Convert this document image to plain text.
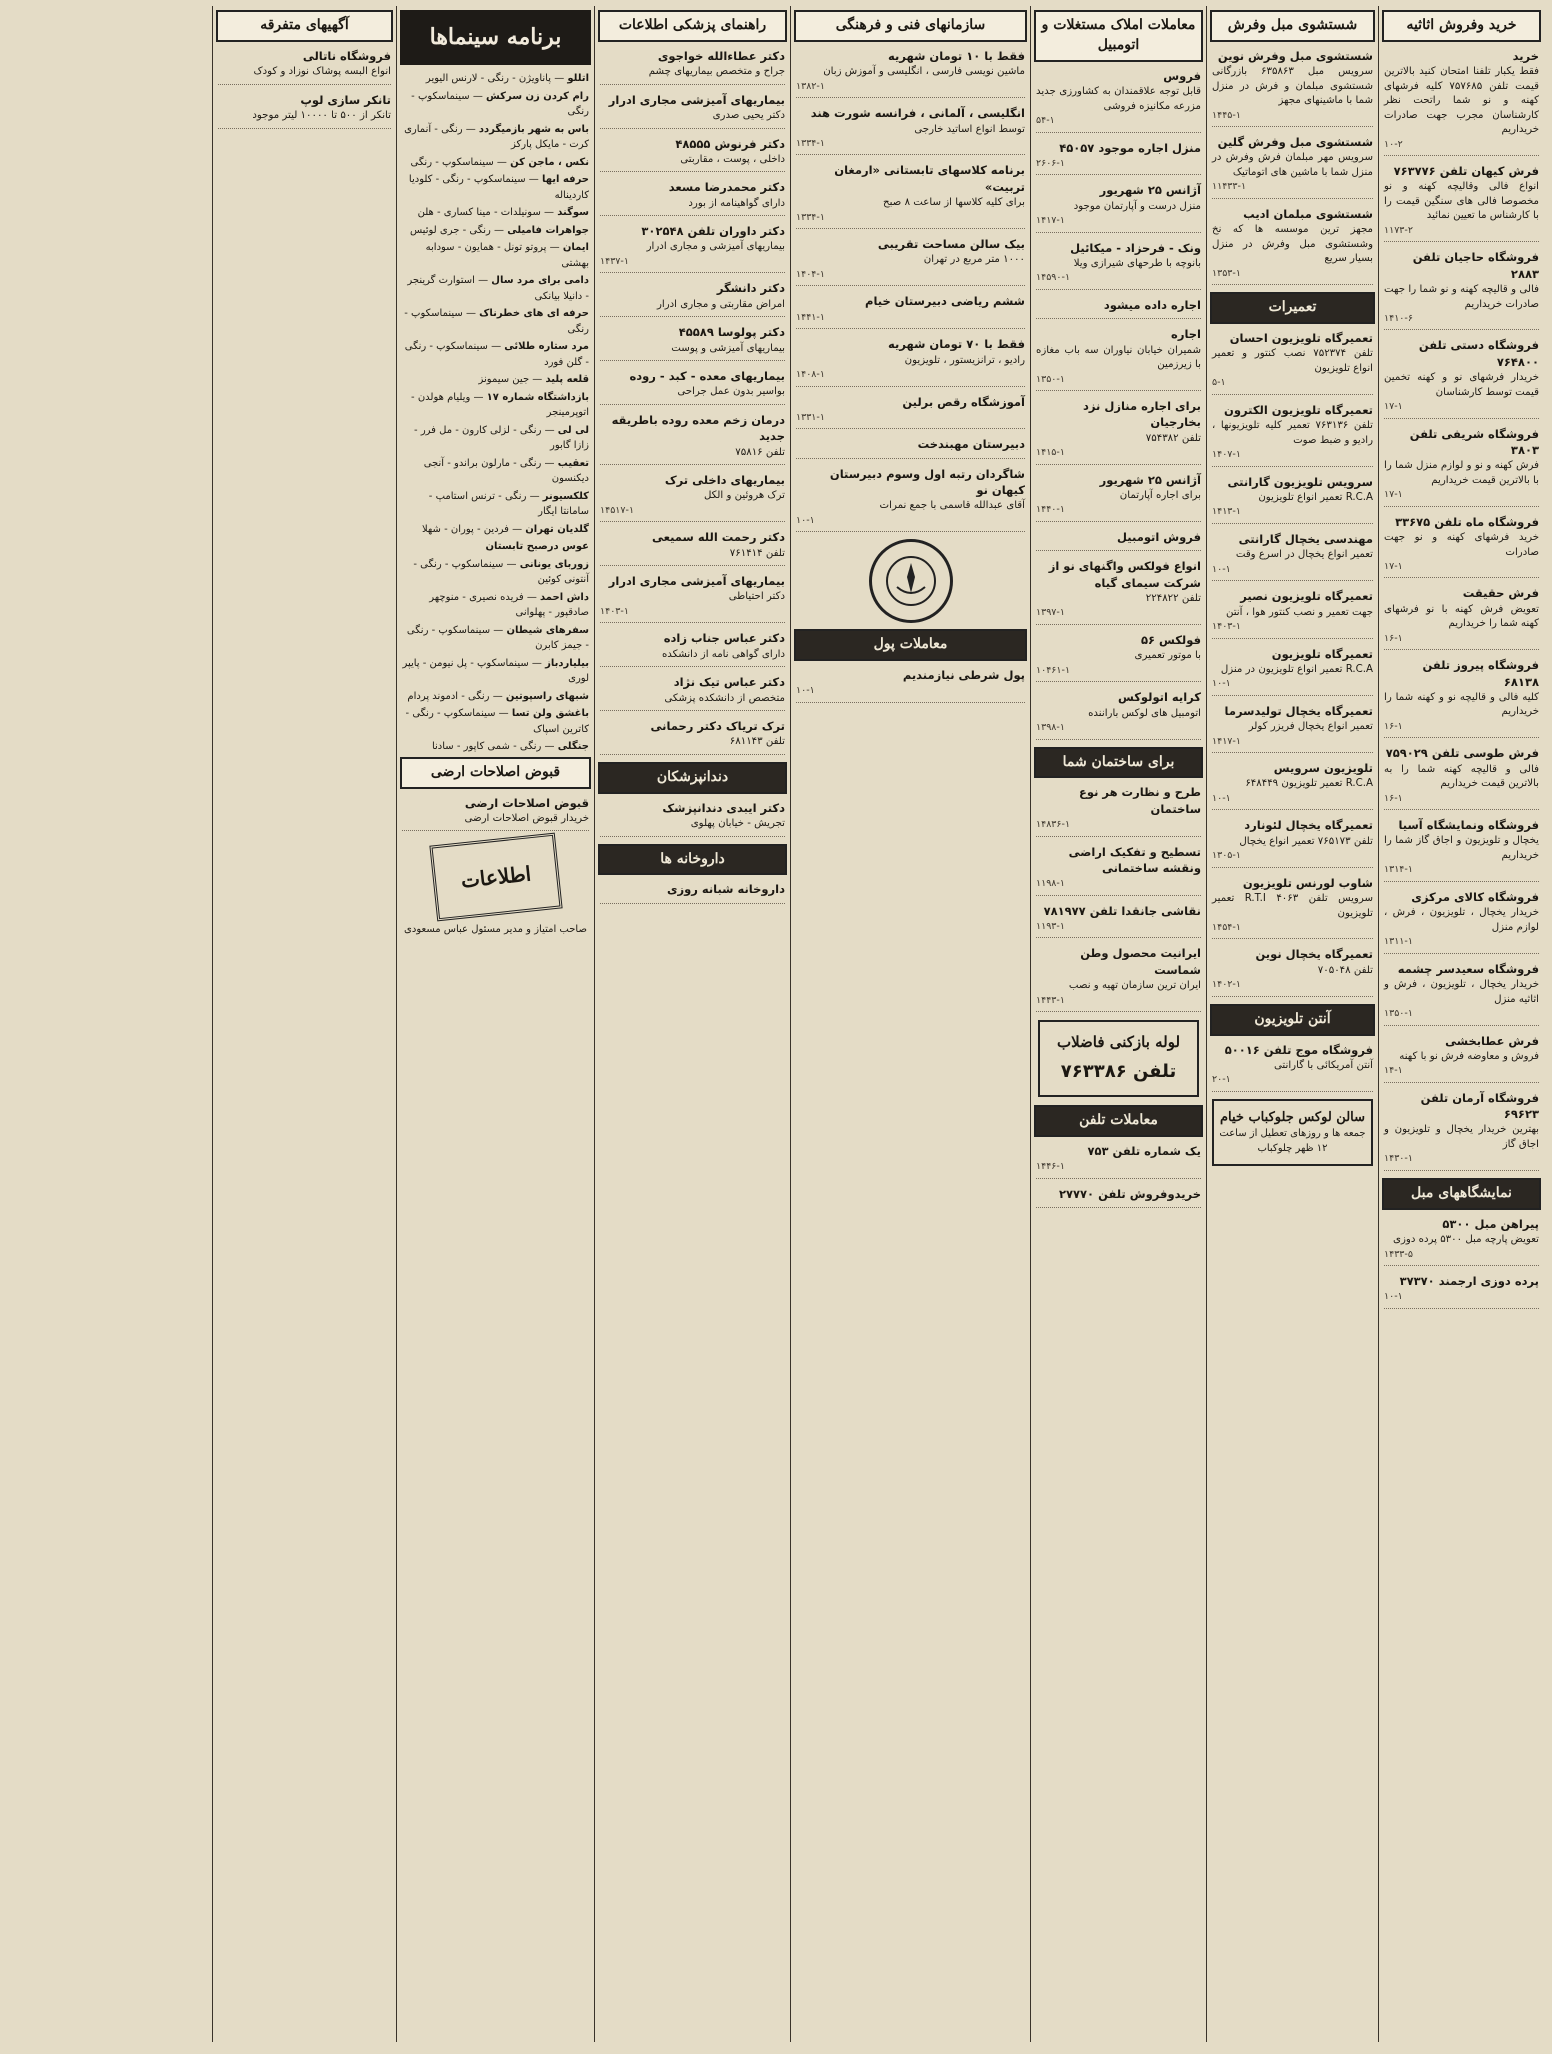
خرید وفروش اثاثیه
خرید

فقط یکبار تلفنا امتحان کنید بالاترین قیمت تلفن ۷۵۷۶۸۵ کلیه فرشهای کهنه و نو شما راتحت نظر کارشناسان مجرب جهت صادرات خریداریم

۱۰-۲
فرش کیهان تلفن ۷۶۳۷۷۶

انواع فالی وقالیچه کهنه و نو مخصوصا فالی های سنگین قیمت را با کارشناس ما تعیین نمائید

۱۱۷۳-۲
فروشگاه حاجیان تلفن ۲۸۸۳

فالی و قالیچه کهنه و نو شما را جهت صادرات خریداریم

۱۴۱۰-۶
فروشگاه دستی تلفن ۷۶۴۸۰۰

خریدار فرشهای نو و کهنه تخمین قیمت توسط کارشناسان

۱۷-۱
فروشگاه شریفی تلفن ۳۸۰۳

فرش کهنه و نو و لوازم منزل شما را با بالاترین قیمت خریداریم

۱۷-۱
فروشگاه ماه تلفن ۳۳۶۷۵

خرید فرشهای کهنه و نو جهت صادرات

۱۷-۱
فرش حقیقت

تعویض فرش کهنه با نو فرشهای کهنه شما را خریداریم

۱۶-۱
فروشگاه پیروز تلفن ۶۸۱۳۸

کلیه فالی و قالیچه نو و کهنه شما را خریداریم

۱۶-۱
فرش طوسی تلفن ۷۵۹۰۲۹

فالی و قالیچه کهنه شما را به بالاترین قیمت خریداریم

۱۶-۱
فروشگاه ونمایشگاه آسیا

یخچال و تلویزیون و اجاق گاز شما را خریداریم

۱۳۱۴-۱
فروشگاه کالای مرکزی

خریدار یخچال ، تلویزیون ، فرش ، لوازم منزل

۱۳۱۱-۱
فروشگاه سعیدسر چشمه

خریدار یخچال ، تلویزیون ، فرش و اثاثیه منزل

۱۳۵۰-۱
فرش عطابخشی

فروش و معاوضه فرش نو با کهنه

۱۴-۱
فروشگاه آرمان تلفن ۶۹۶۲۳

بهترین خریدار یخچال و تلویزیون و اجاق گاز

۱۴۳۰-۱
نمایشگاههای مبل
پیراهن مبل ۵۳۰۰

تعویض پارچه مبل ۵۳۰۰ پرده دوزی

۱۴۳۳-۵
پرده دوزی ارجمند ۳۷۳۷۰
۱۰-۱
شستشوی مبل وفرش
شستشوی مبل وفرش نوین

سرویس مبل ۶۳۵۸۶۳ بازرگانی شستشوی مبلمان و فرش در منزل شما با ماشینهای مجهز

۱۴۴۵-۱
شستشوی مبل وفرش گلین

سرویس مهر مبلمان فرش وفرش در منزل شما با ماشین های اتوماتیک

۱۱۴۳۳-۱
شستشوی مبلمان ادیب

مجهز ترین موسسه ها که نخ وشستشوی مبل وفرش در منزل بسیار سریع

۱۳۵۳-۱
تعمیرات
تعمیرگاه تلویزیون احسان

تلفن ۷۵۲۳۷۴ نصب کنتور و تعمیر انواع تلویزیون

۵-۱
تعمیرگاه تلویزیون الکترون

تلفن ۷۶۳۱۳۶ تعمیر کلیه تلویزیونها ، رادیو و ضبط صوت

۱۴۰۷-۱
سرویس تلویزیون گارانتی

R.C.A تعمیر انواع تلویزیون

۱۴۱۳-۱
مهندسی یخچال گارانتی

تعمیر انواع یخچال در اسرع وقت

۱۰-۱
تعمیرگاه تلویزیون نصیر

جهت تعمیر و نصب کنتور هوا ، آنتن

۱۴۰۳-۱
تعمیرگاه تلویزیون

R.C.A تعمیر انواع تلویزیون در منزل

۱۰-۱
تعمیرگاه یخچال تولیدسرما

تعمیر انواع یخچال فریزر کولر

۱۴۱۷-۱
تلویزیون سرویس

R.C.A تعمیر تلویزیون ۶۴۸۴۴۹

۱۰-۱
تعمیرگاه یخچال لئونارد

تلفن ۷۶۵۱۷۳ تعمیر انواع یخچال

۱۳۰۵-۱
شاوب لورنس تلویزیون

سرویس تلفن ۴۰۶۳ R.T.I تعمیر تلویزیون

۱۴۵۴-۱
تعمیرگاه یخچال نوین

تلفن ۷۰۵۰۴۸

۱۴۰۲-۱
آنتن تلویزیون
فروشگاه موج تلفن ۵۰۰۱۶

آنتن آمریکائی با گارانتی

۲۰-۱
سالن لوکس جلوکباب خیام
جمعه ها و روزهای تعطیل از ساعت ۱۲ ظهر چلوکباب
معاملات املاک مستغلات و اتومبیل
فروس

قابل توجه علاقمندان به کشاورزی جدید مزرعه مکانیزه فروشی

۵۴-۱
منزل اجاره موجود ۴۵۰۵۷
۲۶۰۶-۱
آژانس ۲۵ شهریور

منزل درست و آپارتمان موجود

۱۴۱۷-۱
ونک - فرحزاد - میکائیل

بانوچه با طرحهای شیرازی ویلا

۱۴۵۹۰-۱
اجاره داده میشود
اجاره

شمیران خیابان نیاوران سه باب مغازه با زیرزمین

۱۳۵۰-۱
برای اجاره منازل نزد بخارجیان

تلفن ۷۵۴۳۸۲

۱۴۱۵-۱
آژانس ۲۵ شهریور

برای اجاره آپارتمان

۱۴۴۰-۱
فروش اتومبیل
انواع فولکس واگنهای نو از شرکت سیمای گیاه

تلفن ۲۲۴۸۲۲

۱۳۹۷-۱
فولکس ۵۶

با موتور تعمیری

۱۰۴۶۱-۱
کرایه اتولوکس

اتومبیل های لوکس باراننده

۱۳۹۸-۱
برای ساختمان شما
طرح و نظارت هر نوع ساختمان
۱۴۸۳۶-۱
تسطیح و تفکیک اراضی ونقشه ساختمانی
۱۱۹۸-۱
نقاشی جانقدا تلفن ۷۸۱۹۷۷
۱۱۹۳-۱
ایرانیت محصول وطن شماست

ایران ترین سازمان تهیه و نصب

۱۴۴۳-۱
لوله بازکنی فاضلاب
تلفن ۷۶۳۳۸۶
معاملات تلفن
یک شماره تلفن ۷۵۳
۱۴۴۶-۱
خریدوفروش تلفن ۲۷۷۷۰
سازمانهای فنی و فرهنگی
فقط با ۱۰ تومان شهریه

ماشین نویسی فارسی ، انگلیسی و آموزش زبان

۱۳۸۲-۱
انگلیسی ، آلمانی ، فرانسه شورت هند

توسط انواع اساتید خارجی

۱۳۳۴-۱
برنامه کلاسهای تابستانی «ارمغان تربیت»

برای کلیه کلاسها از ساعت ۸ صبح

۱۳۳۴-۱
بیک سالن مساحت تقریبی

۱۰۰۰ متر مربع در تهران

۱۴۰۴-۱
ششم ریاضی دبیرستان خیام
۱۴۴۱-۱
فقط با ۷۰ تومان شهریه

رادیو ، ترانزیستور ، تلویزیون

۱۴۰۸-۱
آموزشگاه رقص برلین
۱۳۳۱-۱
دبیرستان مهبندخت
شاگردان رتبه اول وسوم دبیرستان کیهان نو

آقای عبدالله قاسمی با جمع نمرات

۱۰-۱
معاملات پول
پول شرطی نیازمندیم
۱۰-۱
راهنمای پزشکی اطلاعات
دکتر عطاءالله خواجوی

جراح و متخصص بیماریهای چشم

بیماریهای آمیزشی مجاری ادرار

دکتر یحیی صدری

دکتر فرنوش ۴۸۵۵۵

داخلی ، پوست ، مقاربتی

دکتر محمدرضا مسعد

دارای گواهینامه از بورد

دکتر داوران تلفن ۳۰۲۵۴۸

بیماریهای آمیزشی و مجاری ادرار

۱۴۳۷-۱
دکتر دانشگر

امراض مقاربتی و مجاری ادرار

دکتر پولوسا ۴۵۵۸۹

بیماریهای آمیزشی و پوست

بیماریهای معده - کبد - روده

بواسیر بدون عمل جراحی

درمان زخم معده روده باطریقه جدید

تلفن ۷۵۸۱۶

بیماریهای داخلی ترک

ترک هروئین و الکل

۱۴۵۱۷-۱
دکتر رحمت الله سمیعی

تلفن ۷۶۱۴۱۴

بیماریهای آمیزشی مجاری ادرار

دکتر احتیاطی

۱۴۰۳-۱
دکتر عباس جناب زاده

دارای گواهی نامه از دانشکده

دکتر عباس تیک نژاد

متخصص از دانشکده پزشکی

ترک تریاک دکتر رحمانی

تلفن ۶۸۱۱۴۳

دندانپزشکان
دکتر ایبدی دندانپزشک

تجریش - خیابان پهلوی

داروخانه ها
داروخانه شبانه روزی
برنامه سینماها
اتللو — پاناویژن - رنگی - لارنس الیویر
رام کردن زن سرکش — سینماسکوپ - رنگی
باس به شهر بازمیگردد — رنگی - آنماری کرت - مایکل پارکز
نکس ، ماجن کن — سینماسکوپ - رنگی
حرفه ایها — سینماسکوپ - رنگی - کلودیا کاردیناله
سوگند — سونیلدات - مینا کساری - هلن
جواهرات فامیلی — رنگی - جری لوئیس
ایمان — پروتو تونل - همایون - سودابه بهشتی
دامی برای مرد سال — استوارت گرینجر - دانیلا بیانکی
حرفه ای های خطرناک — سینماسکوپ - رنگی
مرد ستاره طلائی — سینماسکوپ - رنگی - گلن فورد
قلعه پلید — جین سیمونز
بازداشتگاه شماره ۱۷ — ویلیام هولدن - اتوپرمینجر
لی لی — رنگی - لزلی کارون - مل فرر - زازا گابور
تعقیب — رنگی - مارلون براندو - آنجی دیکنسون
کلکسیونر — رنگی - ترنس استامپ - سامانتا ایگار
گلدیان تهران — فردین - پوران - شهلا
عوس درصبح تابستان
زوربای یونانی — سینماسکوپ - رنگی - آنتونی کوئین
داش احمد — فریده نصیری - منوچهر صادقپور - پهلوانی
سفرهای شیطان — سینماسکوپ - رنگی - جیمز کابرن
بیلیاردباز — سینماسکوپ - پل نیومن - پایپر لوری
شبهای راسپوتین — رنگی - ادموند پردام
باغشق ولن تسا — سینماسکوپ - رنگی - کاترین اسپاک
جنگلی — رنگی - شمی کاپور - سادنا
قبوض اصلاحات ارضی
قبوض اصلاحات ارضی

خریدار قبوض اصلاحات ارضی

اطلاعات
صاحب امتیاز و مدیر مسئول عباس مسعودی
آگهیهای متفرقه
فروشگاه ناتالی

انواع البسه پوشاک نوزاد و کودک

تانکر سازی لوپ

تانکر از ۵۰۰ تا ۱۰۰۰۰ لیتر موجود
